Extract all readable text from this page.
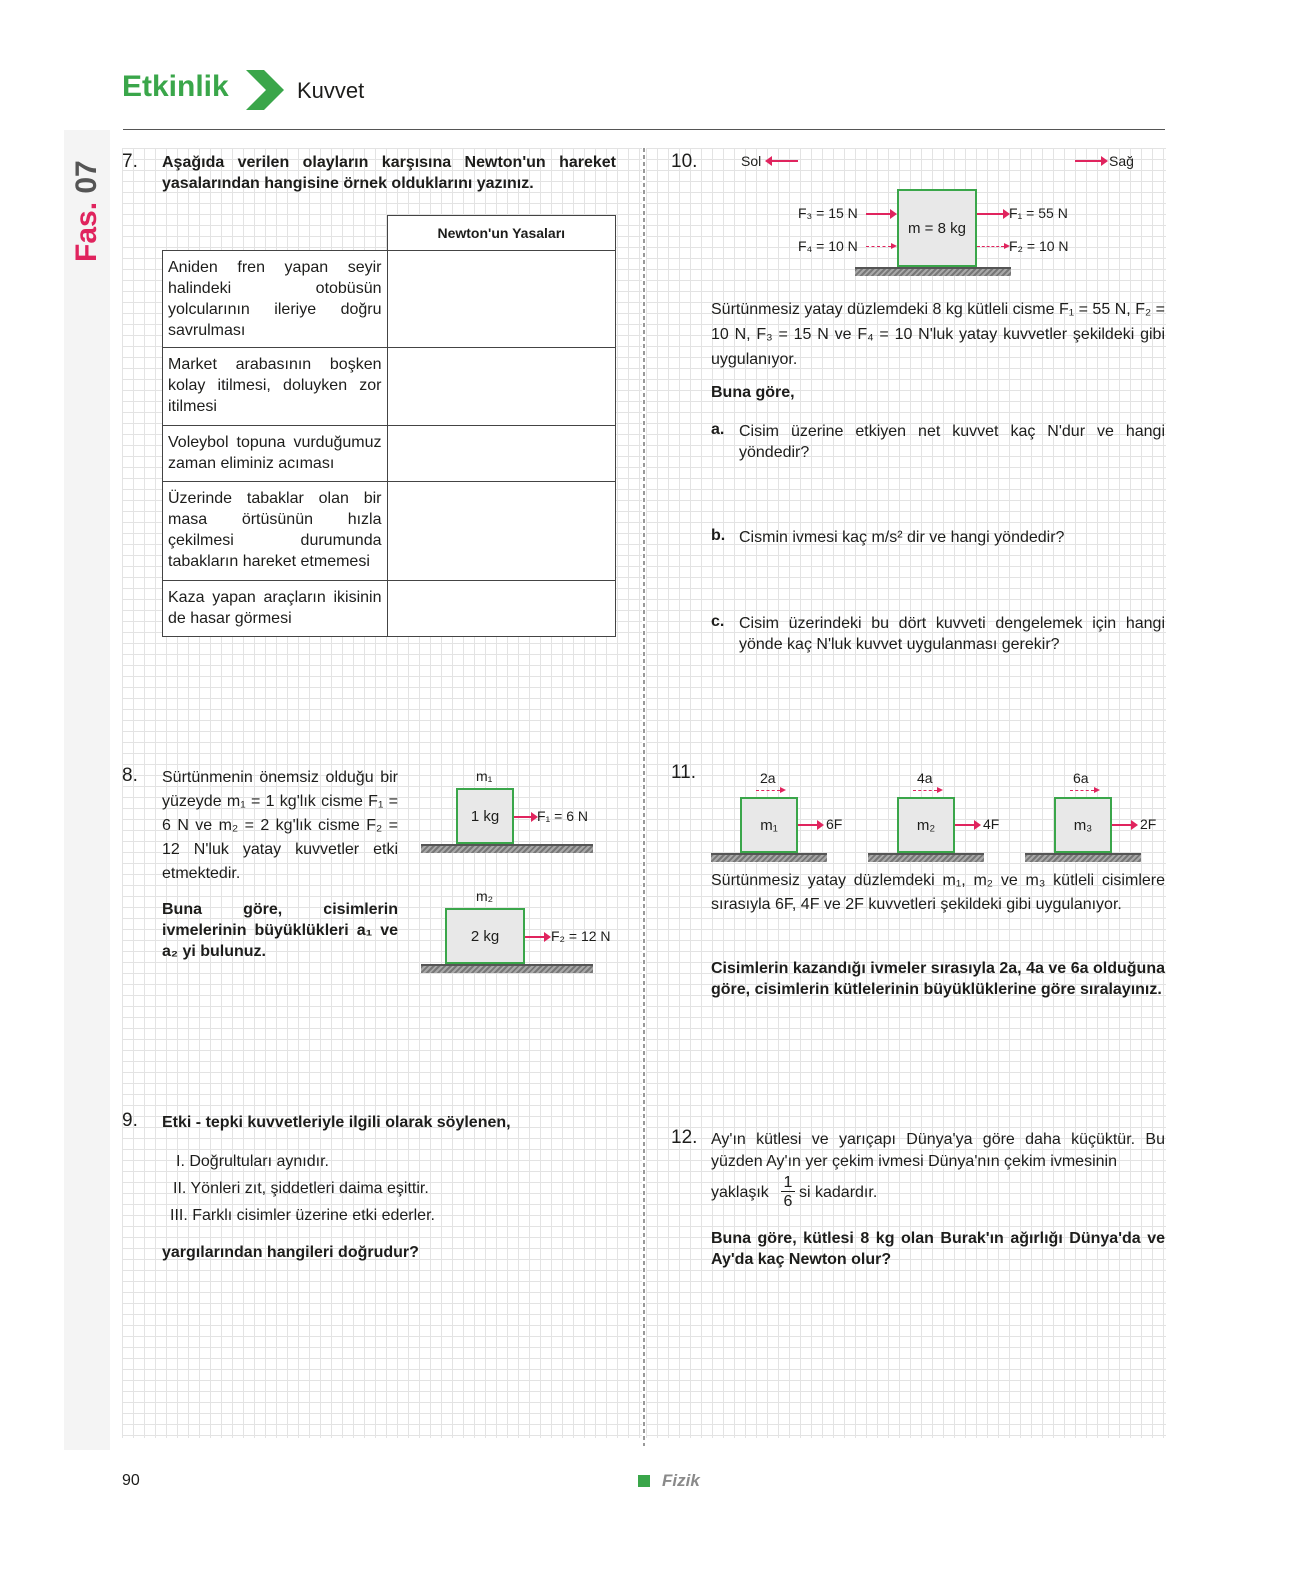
Etkinlik	Kuvvet
Fas. 07 7. Aşağıda verilen olayların karşısına Newton'un hareket yasalarından hangisine örnek olduklarını yazınız.
	Newton'un Yasaları
Aniden fren yapan seyir halindeki otobüsün yolcularının ileriye doğru savrulması	
Market arabasının boşken kolay itilmesi, doluyken zor itilmesi	
Voleybol topuna vurduğumuz zaman eliminiz acıması	
Üzerinde tabaklar olan bir masa örtüsünün hızla çekilmesi durumunda tabakların hareket etmemesi	
Kaza yapan araçların ikisinin de hasar görmesi	
8. Sürtünmenin önemsiz olduğu bir yüzeyde m₁ = 1 kg'lık cisme F₁ = 6 N ve m₂ = 2 kg'lık cisme F₂ = 12 N'luk yatay kuvvetler etki etmektedir.
Buna göre, cisimlerin ivmelerinin büyüklükleri a₁ ve a₂ yi bulunuz.
m₁
1 kg	F₁ = 6 N
m₂
2 kg	F₂ = 12 N
9. Etki - tepki kuvvetleriyle ilgili olarak söylenen,
I. Doğrultuları aynıdır.
II. Yönleri zıt, şiddetleri daima eşittir.
III. Farklı cisimler üzerine etki ederler.
yargılarından hangileri doğrudur?
10.	Sol	Sağ
F₃ = 15 N
F₄ = 10 N
m = 8 kg
F₁ = 55 N
F₂ = 10 N
Sürtünmesiz yatay düzlemdeki 8 kg kütleli cisme F₁ = 55 N, F₂ = 10 N, F₃ = 15 N ve F₄ = 10 N'luk yatay kuvvetler şekildeki gibi uygulanıyor.
Buna göre,
a. Cisim üzerine etkiyen net kuvvet kaç N'dur ve hangi yöndedir?
b. Cismin ivmesi kaç m/s² dir ve hangi yöndedir?
c. Cisim üzerindeki bu dört kuvveti dengelemek için hangi yönde kaç N'luk kuvvet uygulanması gerekir?
11.	2a
m₁	6F
4a
m₂	4F
6a
m₃	2F
Sürtünmesiz yatay düzlemdeki m₁, m₂ ve m₃ kütleli cisimlere sırasıyla 6F, 4F ve 2F kuvvetleri şekildeki gibi uygulanıyor.
Cisimlerin kazandığı ivmeler sırasıyla 2a, 4a ve 6a olduğuna göre, cisimlerin kütlelerinin büyüklüklerine göre sıralayınız.
12. Ay'ın kütlesi ve yarıçapı Dünya'ya göre daha küçüktür. Bu yüzden Ay'ın yer çekim ivmesi Dünya'nın çekim ivmesinin
yaklaşık
1
6
si kadardır.
Buna göre, kütlesi 8 kg olan Burak'ın ağırlığı Dünya'da ve Ay'da kaç Newton olur?
90	Fizik
